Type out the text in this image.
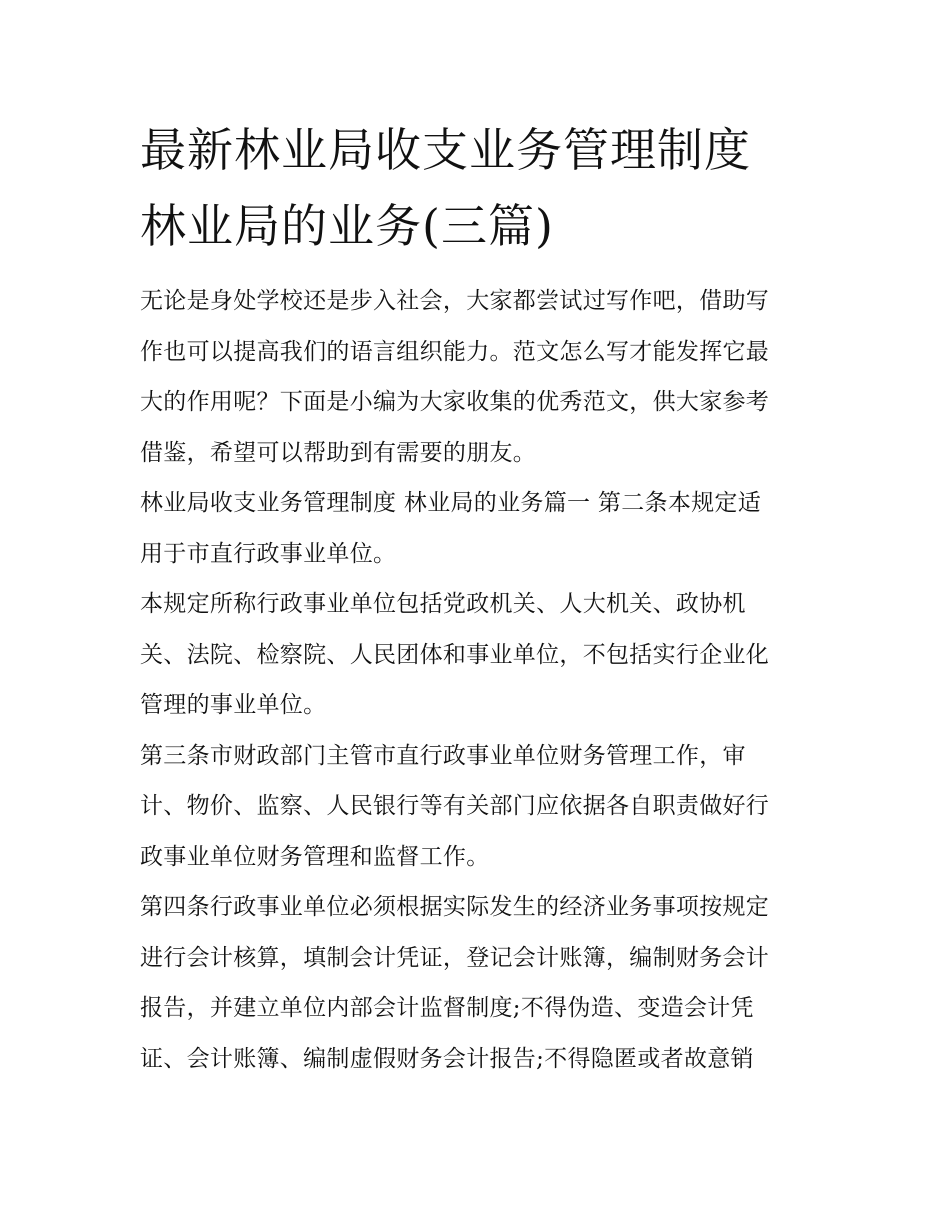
最新林业局收支业务管理制度
林业局的业务(三篇)
无论是身处学校还是步入社会，大家都尝试过写作吧，借助写
作也可以提高我们的语言组织能力。范文怎么写才能发挥它最
大的作用呢？下面是小编为大家收集的优秀范文，供大家参考
借鉴，希望可以帮助到有需要的朋友。
林业局收支业务管理制度 林业局的业务篇一 第二条本规定适
用于市直行政事业单位。
本规定所称行政事业单位包括党政机关、人大机关、政协机
关、法院、检察院、人民团体和事业单位，不包括实行企业化
管理的事业单位。
第三条市财政部门主管市直行政事业单位财务管理工作，审
计、物价、监察、人民银行等有关部门应依据各自职责做好行
政事业单位财务管理和监督工作。
第四条行政事业单位必须根据实际发生的经济业务事项按规定
进行会计核算，填制会计凭证，登记会计账簿，编制财务会计
报告，并建立单位内部会计监督制度;不得伪造、变造会计凭
证、会计账簿、编制虚假财务会计报告;不得隐匿或者故意销
